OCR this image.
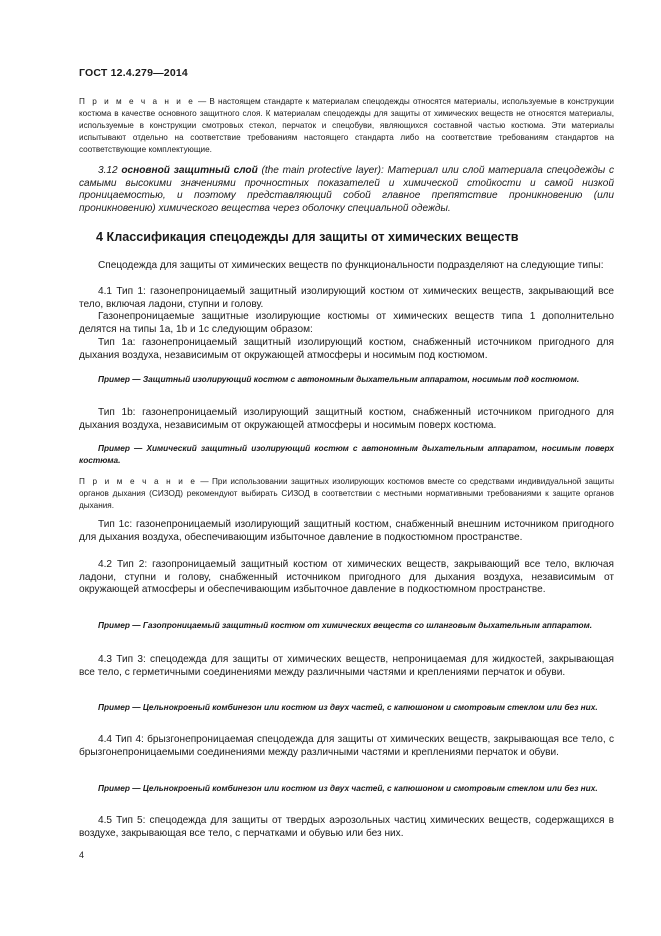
ГОСТ 12.4.279—2014

П р и м е ч а н и е — В настоящем стандарте к материалам спецодежды относятся материалы, используемые в конструкции костюма в качестве основного защитного слоя. К материалам спецодежды для защиты от химических веществ не относятся материалы, используемые в конструкции смотровых стекол, перчаток и спецобуви, являющихся составной частью костюма. Эти материалы испытывают отдельно на соответствие требованиям настоящего стандарта либо на соответствие требованиям стандартов на соответствующие комплектующие.

3.12 основной защитный слой (the main protective layer): Материал или слой материала спецодежды с самыми высокими значениями прочностных показателей и химической стойкости и самой низкой проницаемостью, и поэтому представляющий собой главное препятствие проникновению (или проникновению) химического вещества через оболочку специальной одежды.

4 Классификация спецодежды для защиты от химических веществ

Спецодежда для защиты от химических веществ по функциональности подразделяют на следующие типы:

4.1 Тип 1: газонепроницаемый защитный изолирующий костюм от химических веществ, закрывающий все тело, включая ладони, ступни и голову.

Газонепроницаемые защитные изолирующие костюмы от химических веществ типа 1 дополнительно делятся на типы 1a, 1b и 1c следующим образом:

Тип 1a: газонепроницаемый защитный изолирующий костюм, снабженный источником пригодного для дыхания воздуха, независимым от окружающей атмосферы и носимым под костюмом.

Пример — Защитный изолирующий костюм с автономным дыхательным аппаратом, носимым под костюмом.

Тип 1b: газонепроницаемый изолирующий защитный костюм, снабженный источником пригодного для дыхания воздуха, независимым от окружающей атмосферы и носимым поверх костюма.

Пример — Химический защитный изолирующий костюм с автономным дыхательным аппаратом, носимым поверх костюма.

П р и м е ч а н и е — При использовании защитных изолирующих костюмов вместе со средствами индивидуальной защиты органов дыхания (СИЗОД) рекомендуют выбирать СИЗОД в соответствии с местными нормативными требованиями к защите органов дыхания.

Тип 1c: газонепроницаемый изолирующий защитный костюм, снабженный внешним источником пригодного для дыхания воздуха, обеспечивающим избыточное давление в подкостюмном пространстве.

4.2 Тип 2: газопроницаемый защитный костюм от химических веществ, закрывающий все тело, включая ладони, ступни и голову, снабженный источником пригодного для дыхания воздуха, независимым от окружающей атмосферы и обеспечивающим избыточное давление в подкостюмном пространстве.

Пример — Газопроницаемый защитный костюм от химических веществ со шланговым дыхательным аппаратом.

4.3 Тип 3: спецодежда для защиты от химических веществ, непроницаемая для жидкостей, закрывающая все тело, с герметичными соединениями между различными частями и креплениями перчаток и обуви.

Пример — Цельнокроеный комбинезон или костюм из двух частей, с капюшоном и смотровым стеклом или без них.

4.4 Тип 4: брызгонепроницаемая спецодежда для защиты от химических веществ, закрывающая все тело, с брызгонепроницаемыми соединениями между различными частями и креплениями перчаток и обуви.

Пример — Цельнокроеный комбинезон или костюм из двух частей, с капюшоном и смотровым стеклом или без них.

4.5 Тип 5: спецодежда для защиты от твердых аэрозольных частиц химических веществ, содержащихся в воздухе, закрывающая все тело, с перчатками и обувью или без них.

4
